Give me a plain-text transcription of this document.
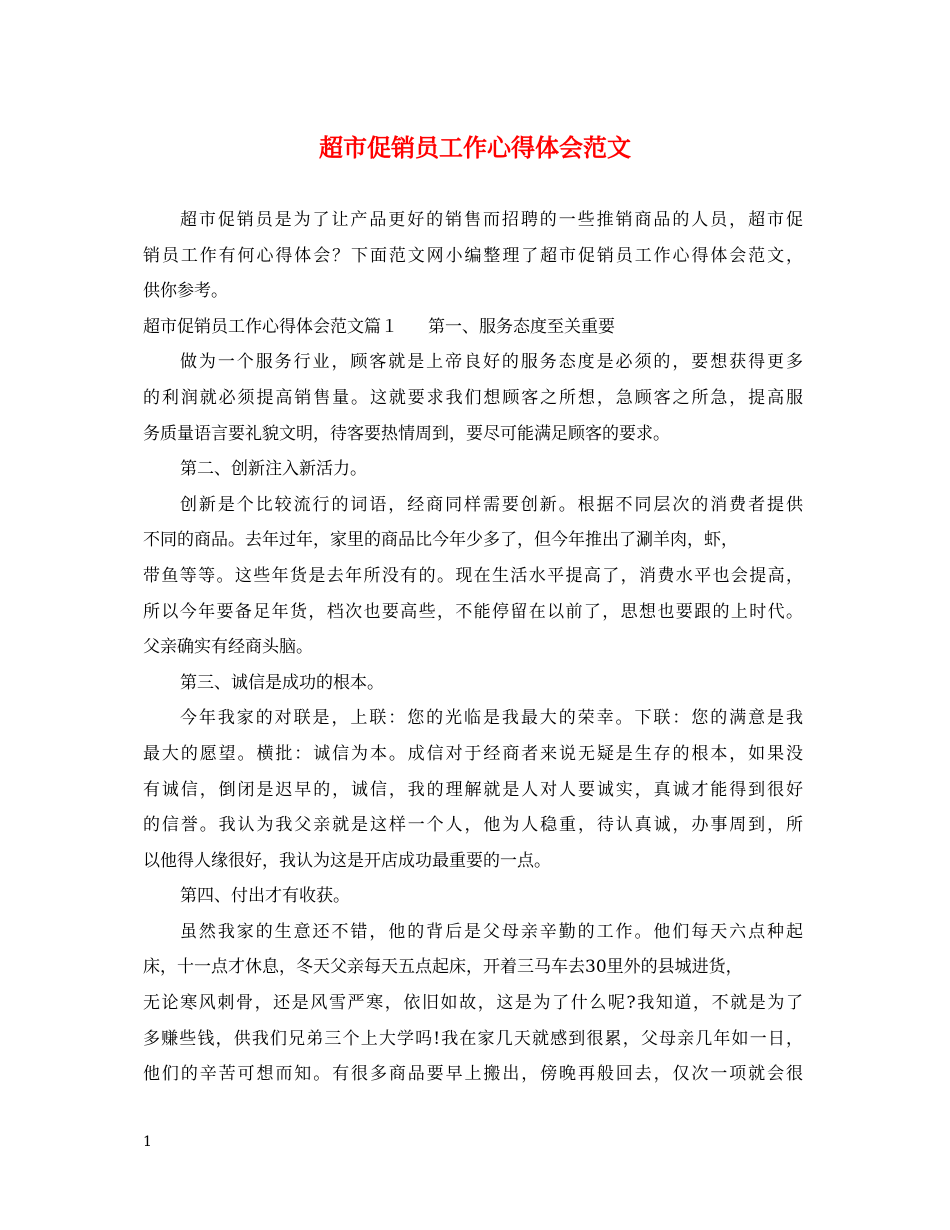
超市促销员工作心得体会范文
超市促销员是为了让产品更好的销售而招聘的一些推销商品的人员，超市促
销员工作有何心得体会？下面范文网小编整理了超市促销员工作心得体会范文，
供你参考。
超市促销员工作心得体会范文篇１ 第一、服务态度至关重要
做为一个服务行业，顾客就是上帝良好的服务态度是必须的，要想获得更多
的利润就必须提高销售量。这就要求我们想顾客之所想，急顾客之所急，提高服
务质量语言要礼貌文明，待客要热情周到，要尽可能满足顾客的要求。
第二、创新注入新活力。
创新是个比较流行的词语，经商同样需要创新。根据不同层次的消费者提供
不同的商品。去年过年，家里的商品比今年少多了，但今年推出了涮羊肉，虾，
带鱼等等。这些年货是去年所没有的。现在生活水平提高了，消费水平也会提高，
所以今年要备足年货，档次也要高些，不能停留在以前了，思想也要跟的上时代。
父亲确实有经商头脑。
第三、诚信是成功的根本。
今年我家的对联是，上联：您的光临是我最大的荣幸。下联：您的满意是我
最大的愿望。横批：诚信为本。成信对于经商者来说无疑是生存的根本，如果没
有诚信，倒闭是迟早的，诚信，我的理解就是人对人要诚实，真诚才能得到很好
的信誉。我认为我父亲就是这样一个人，他为人稳重，待认真诚，办事周到，所
以他得人缘很好，我认为这是开店成功最重要的一点。
第四、付出才有收获。
虽然我家的生意还不错，他的背后是父母亲辛勤的工作。他们每天六点种起
床，十一点才休息，冬天父亲每天五点起床，开着三马车去30里外的县城进货，
无论寒风刺骨，还是风雪严寒，依旧如故，这是为了什么呢?我知道，不就是为了
多赚些钱，供我们兄弟三个上大学吗!我在家几天就感到很累，父母亲几年如一日，
他们的辛苦可想而知。有很多商品要早上搬出，傍晚再般回去，仅次一项就会很
1
